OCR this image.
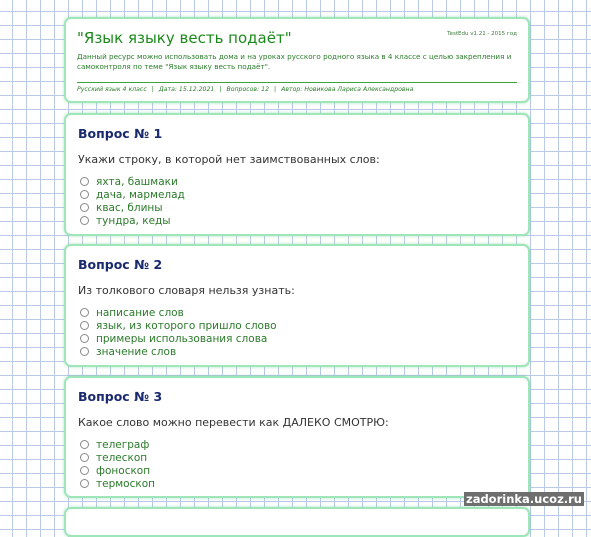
"Язык языку весть подаёт"	TestEdu v1.21 - 2015 год
Данный ресурс можно использовать дома и на уроках русского родного языка в 4 классе с целью закрепления и самоконтроля по теме "Язык языку весть подаёт".
Русский язык 4 класс | Дата: 15.12.2021 | Вопросов: 12 | Автор: Новикова Лариса Александровна
Вопрос № 1
Укажи строку, в которой нет заимствованных слов:
яхта, башмаки
дача, мармелад
квас, блины
тундра, кеды
Вопрос № 2
Из толкового словаря нельзя узнать:
написание слов
язык, из которого пришло слово
примеры использования слова
значение слов
Вопрос № 3
Какое слово можно перевести как ДАЛЕКО СМОТРЮ:
телеграф
телескоп
фоноскоп
термоскоп
zadorinka.ucoz.ru
